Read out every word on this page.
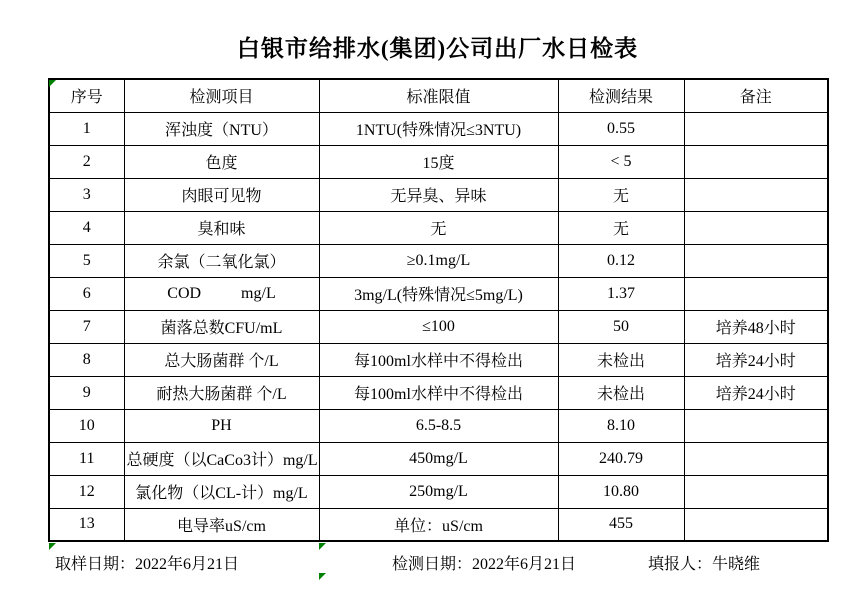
白银市给排水(集团)公司出厂水日检表
序号	检测项目	标准限值	检测结果	备注
1	浑浊度（NTU）	1NTU(特殊情况≤3NTU)	0.55	
2	色度	15度	< 5	
3	肉眼可见物	无异臭、异味	无	
4	臭和味	无	无	
5	余氯（二氧化氯）	≥0.1mg/L	0.12	
6	COD          mg/L	3mg/L(特殊情况≤5mg/L)	1.37	
7	菌落总数CFU/mL	≤100	50	培养48小时
8	总大肠菌群 个/L	每100ml水样中不得检出	未检出	培养24小时
9	耐热大肠菌群 个/L	每100ml水样中不得检出	未检出	培养24小时
10	PH	6.5-8.5	8.10	
11	总硬度（以CaCo3计）mg/L	450mg/L	240.79	
12	氯化物（以CL-计）mg/L	250mg/L	10.80	
13	电导率uS/cm	单位：uS/cm	455	
取样日期：2022年6月21日	检测日期：2022年6月21日	填报人：牛晓维
